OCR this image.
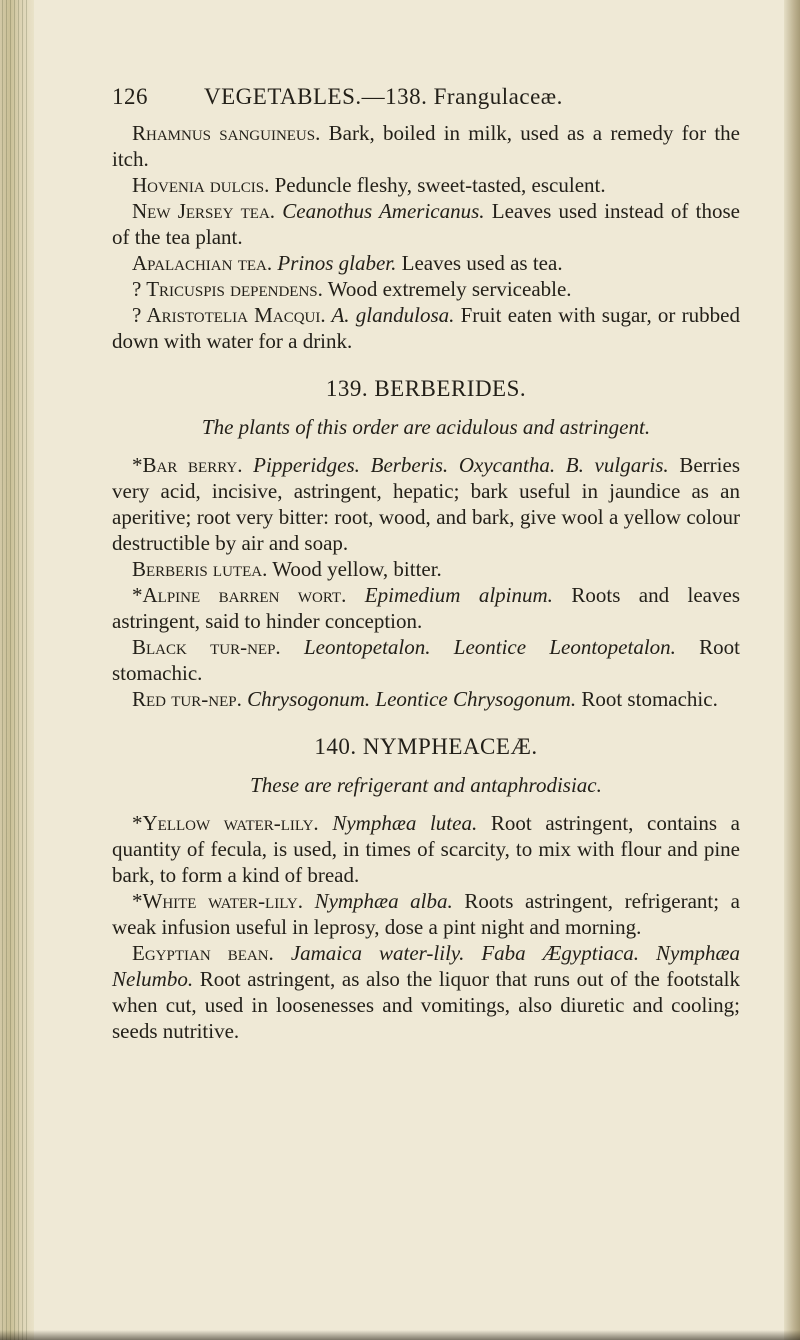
126 VEGETABLES.—138. Frangulaceæ.

Rhamnus sanguineus. Bark, boiled in milk, used as a remedy for the itch.

Hovenia dulcis. Peduncle fleshy, sweet-tasted, esculent.

New Jersey tea. Ceanothus Americanus. Leaves used instead of those of the tea plant.

Apalachian tea. Prinos glaber. Leaves used as tea.

? Tricuspis dependens. Wood extremely serviceable.

? Aristotelia Macqui. A. glandulosa. Fruit eaten with sugar, or rubbed down with water for a drink.

139. BERBERIDES.
The plants of this order are acidulous and astringent.

*Bar berry. Pipperidges. Berberis. Oxycantha. B. vulgaris. Berries very acid, incisive, astringent, hepatic; bark useful in jaundice as an aperitive; root very bitter: root, wood, and bark, give wool a yellow colour destructible by air and soap.

Berberis lutea. Wood yellow, bitter.

*Alpine barren wort. Epimedium alpinum. Roots and leaves astringent, said to hinder conception.

Black tur-nep. Leontopetalon. Leontice Leontopetalon. Root stomachic.

Red tur-nep. Chrysogonum. Leontice Chrysogonum. Root stomachic.

140. NYMPHEACEÆ.
These are refrigerant and antaphrodisiac.

*Yellow water-lily. Nymphæa lutea. Root astringent, contains a quantity of fecula, is used, in times of scarcity, to mix with flour and pine bark, to form a kind of bread.

*White water-lily. Nymphæa alba. Roots astringent, refrigerant; a weak infusion useful in leprosy, dose a pint night and morning.

Egyptian bean. Jamaica water-lily. Faba Ægyptiaca. Nymphæa Nelumbo. Root astringent, as also the liquor that runs out of the footstalk when cut, used in loosenesses and vomitings, also diuretic and cooling; seeds nutritive.
